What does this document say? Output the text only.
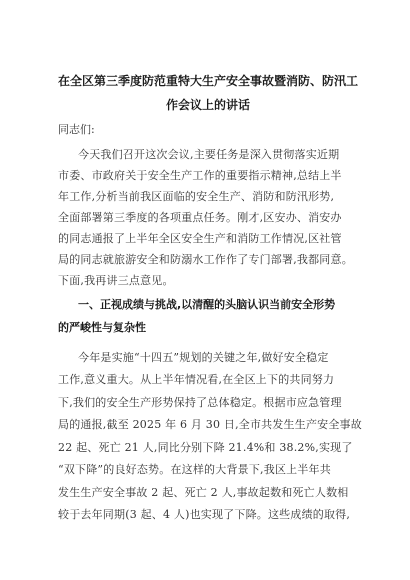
在全区第三季度防范重特大生产安全事故暨消防、防汛工
作会议上的讲话
同志们:
今天我们召开这次会议,主要任务是深入贯彻落实近期
市委、市政府关于安全生产工作的重要指示精神,总结上半
年工作,分析当前我区面临的安全生产、消防和防汛形势,
全面部署第三季度的各项重点任务。刚才,区安办、消安办
的同志通报了上半年全区安全生产和消防工作情况,区社管
局的同志就旅游安全和防溺水工作作了专门部署,我都同意。
下面,我再讲三点意见。
一、正视成绩与挑战,以清醒的头脑认识当前安全形势
的严峻性与复杂性
今年是实施“十四五”规划的关键之年,做好安全稳定
工作,意义重大。从上半年情况看,在全区上下的共同努力
下,我们的安全生产形势保持了总体稳定。根据市应急管理
局的通报,截至 2025 年 6 月 30 日,全市共发生生产安全事故
22 起、死亡 21 人,同比分别下降 21.4%和 38.2%,实现了
“双下降”的良好态势。在这样的大背景下,我区上半年共
发生生产安全事故 2 起、死亡 2 人,事故起数和死亡人数相
较于去年同期(3 起、4 人)也实现了下降。这些成绩的取得,
